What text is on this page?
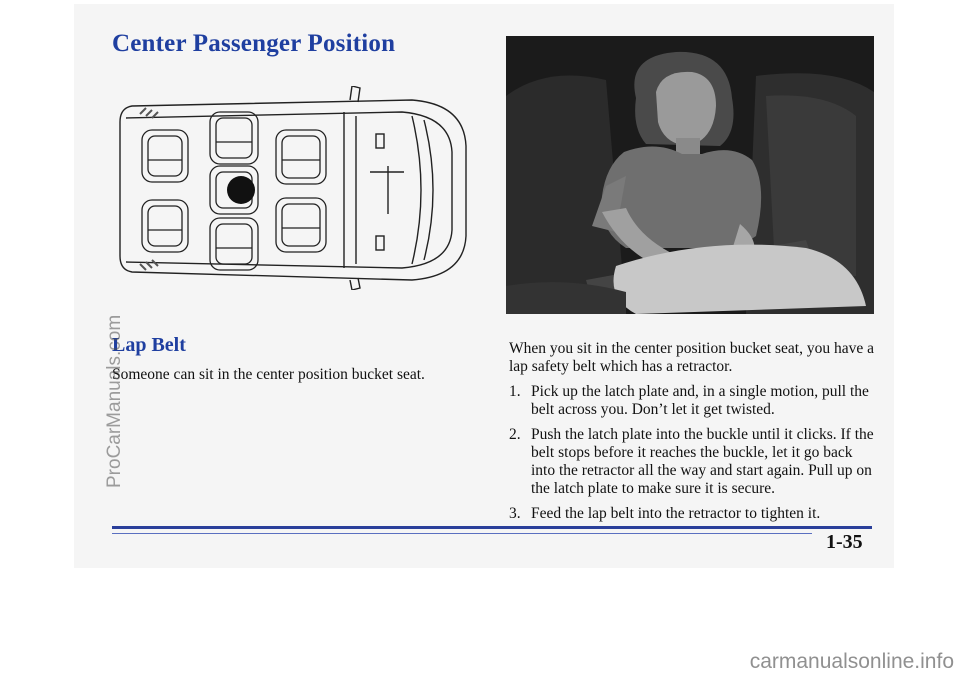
Center Passenger Position
Lap Belt

Someone can sit in the center position bucket seat.

When you sit in the center position bucket seat, you have a lap safety belt which has a retractor.

1. Pick up the latch plate and, in a single motion, pull the belt across you. Don’t let it get twisted.
2. Push the latch plate into the buckle until it clicks. If the belt stops before it reaches the buckle, let it go back into the retractor all the way and start again. Pull up on the latch plate to make sure it is secure.
3. Feed the lap belt into the retractor to tighten it.
1-35
ProCarManuals.com
carmanualsonline.info
